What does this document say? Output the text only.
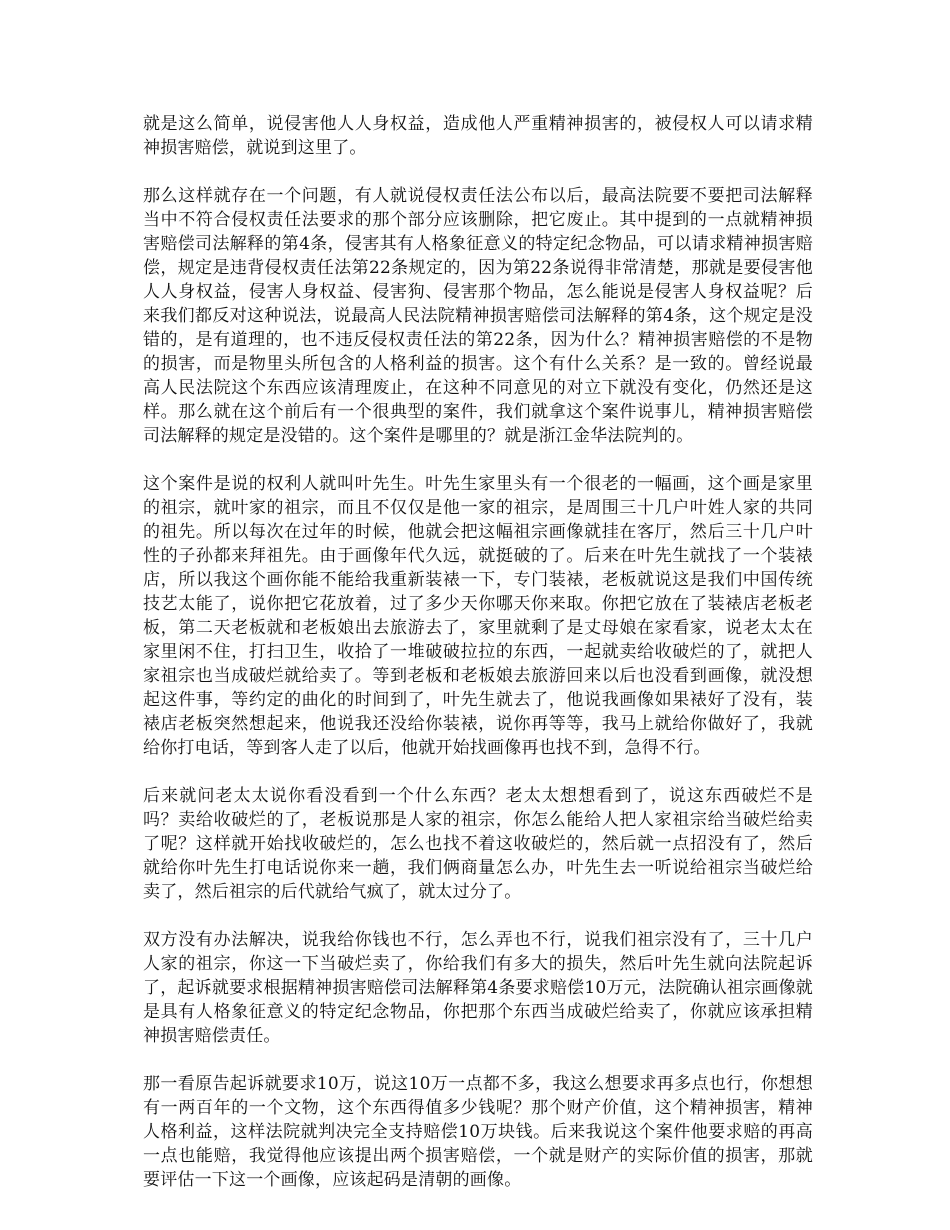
就是这么简单，说侵害他人人身权益，造成他人严重精神损害的，被侵权人可以请求精神损害赔偿，就说到这里了。

那么这样就存在一个问题，有人就说侵权责任法公布以后，最高法院要不要把司法解释当中不符合侵权责任法要求的那个部分应该删除，把它废止。其中提到的一点就精神损害赔偿司法解释的第4条，侵害其有人格象征意义的特定纪念物品，可以请求精神损害赔偿，规定是违背侵权责任法第22条规定的，因为第22条说得非常清楚，那就是要侵害他人人身权益，侵害人身权益、侵害狗、侵害那个物品，怎么能说是侵害人身权益呢？后来我们都反对这种说法，说最高人民法院精神损害赔偿司法解释的第4条，这个规定是没错的，是有道理的，也不违反侵权责任法的第22条，因为什么？精神损害赔偿的不是物的损害，而是物里头所包含的人格利益的损害。这个有什么关系？是一致的。曾经说最高人民法院这个东西应该清理废止，在这种不同意见的对立下就没有变化，仍然还是这样。那么就在这个前后有一个很典型的案件，我们就拿这个案件说事儿，精神损害赔偿司法解释的规定是没错的。这个案件是哪里的？就是浙江金华法院判的。

这个案件是说的权利人就叫叶先生。叶先生家里头有一个很老的一幅画，这个画是家里的祖宗，就叶家的祖宗，而且不仅仅是他一家的祖宗，是周围三十几户叶姓人家的共同的祖先。所以每次在过年的时候，他就会把这幅祖宗画像就挂在客厅，然后三十几户叶性的子孙都来拜祖先。由于画像年代久远，就挺破的了。后来在叶先生就找了一个装裱店，所以我这个画你能不能给我重新装裱一下，专门装裱，老板就说这是我们中国传统技艺太能了，说你把它花放着，过了多少天你哪天你来取。你把它放在了装裱店老板老板，第二天老板就和老板娘出去旅游去了，家里就剩了是丈母娘在家看家，说老太太在家里闲不住，打扫卫生，收拾了一堆破破拉拉的东西，一起就卖给收破烂的了，就把人家祖宗也当成破烂就给卖了。等到老板和老板娘去旅游回来以后也没看到画像，就没想起这件事，等约定的曲化的时间到了，叶先生就去了，他说我画像如果裱好了没有，装裱店老板突然想起来，他说我还没给你装裱，说你再等等，我马上就给你做好了，我就给你打电话，等到客人走了以后，他就开始找画像再也找不到，急得不行。

后来就问老太太说你看没看到一个什么东西？老太太想想看到了，说这东西破烂不是吗？卖给收破烂的了，老板说那是人家的祖宗，你怎么能给人把人家祖宗给当破烂给卖了呢？这样就开始找收破烂的，怎么也找不着这收破烂的，然后就一点招没有了，然后就给你叶先生打电话说你来一趟，我们俩商量怎么办，叶先生去一听说给祖宗当破烂给卖了，然后祖宗的后代就给气疯了，就太过分了。

双方没有办法解决，说我给你钱也不行，怎么弄也不行，说我们祖宗没有了，三十几户人家的祖宗，你这一下当破烂卖了，你给我们有多大的损失，然后叶先生就向法院起诉了，起诉就要求根据精神损害赔偿司法解释第4条要求赔偿10万元，法院确认祖宗画像就是具有人格象征意义的特定纪念物品，你把那个东西当成破烂给卖了，你就应该承担精神损害赔偿责任。

那一看原告起诉就要求10万，说这10万一点都不多，我这么想要求再多点也行，你想想有一两百年的一个文物，这个东西得值多少钱呢？那个财产价值，这个精神损害，精神人格利益，这样法院就判决完全支持赔偿10万块钱。后来我说这个案件他要求赔的再高一点也能赔，我觉得他应该提出两个损害赔偿，一个就是财产的实际价值的损害，那就要评估一下这一个画像，应该起码是清朝的画像。
